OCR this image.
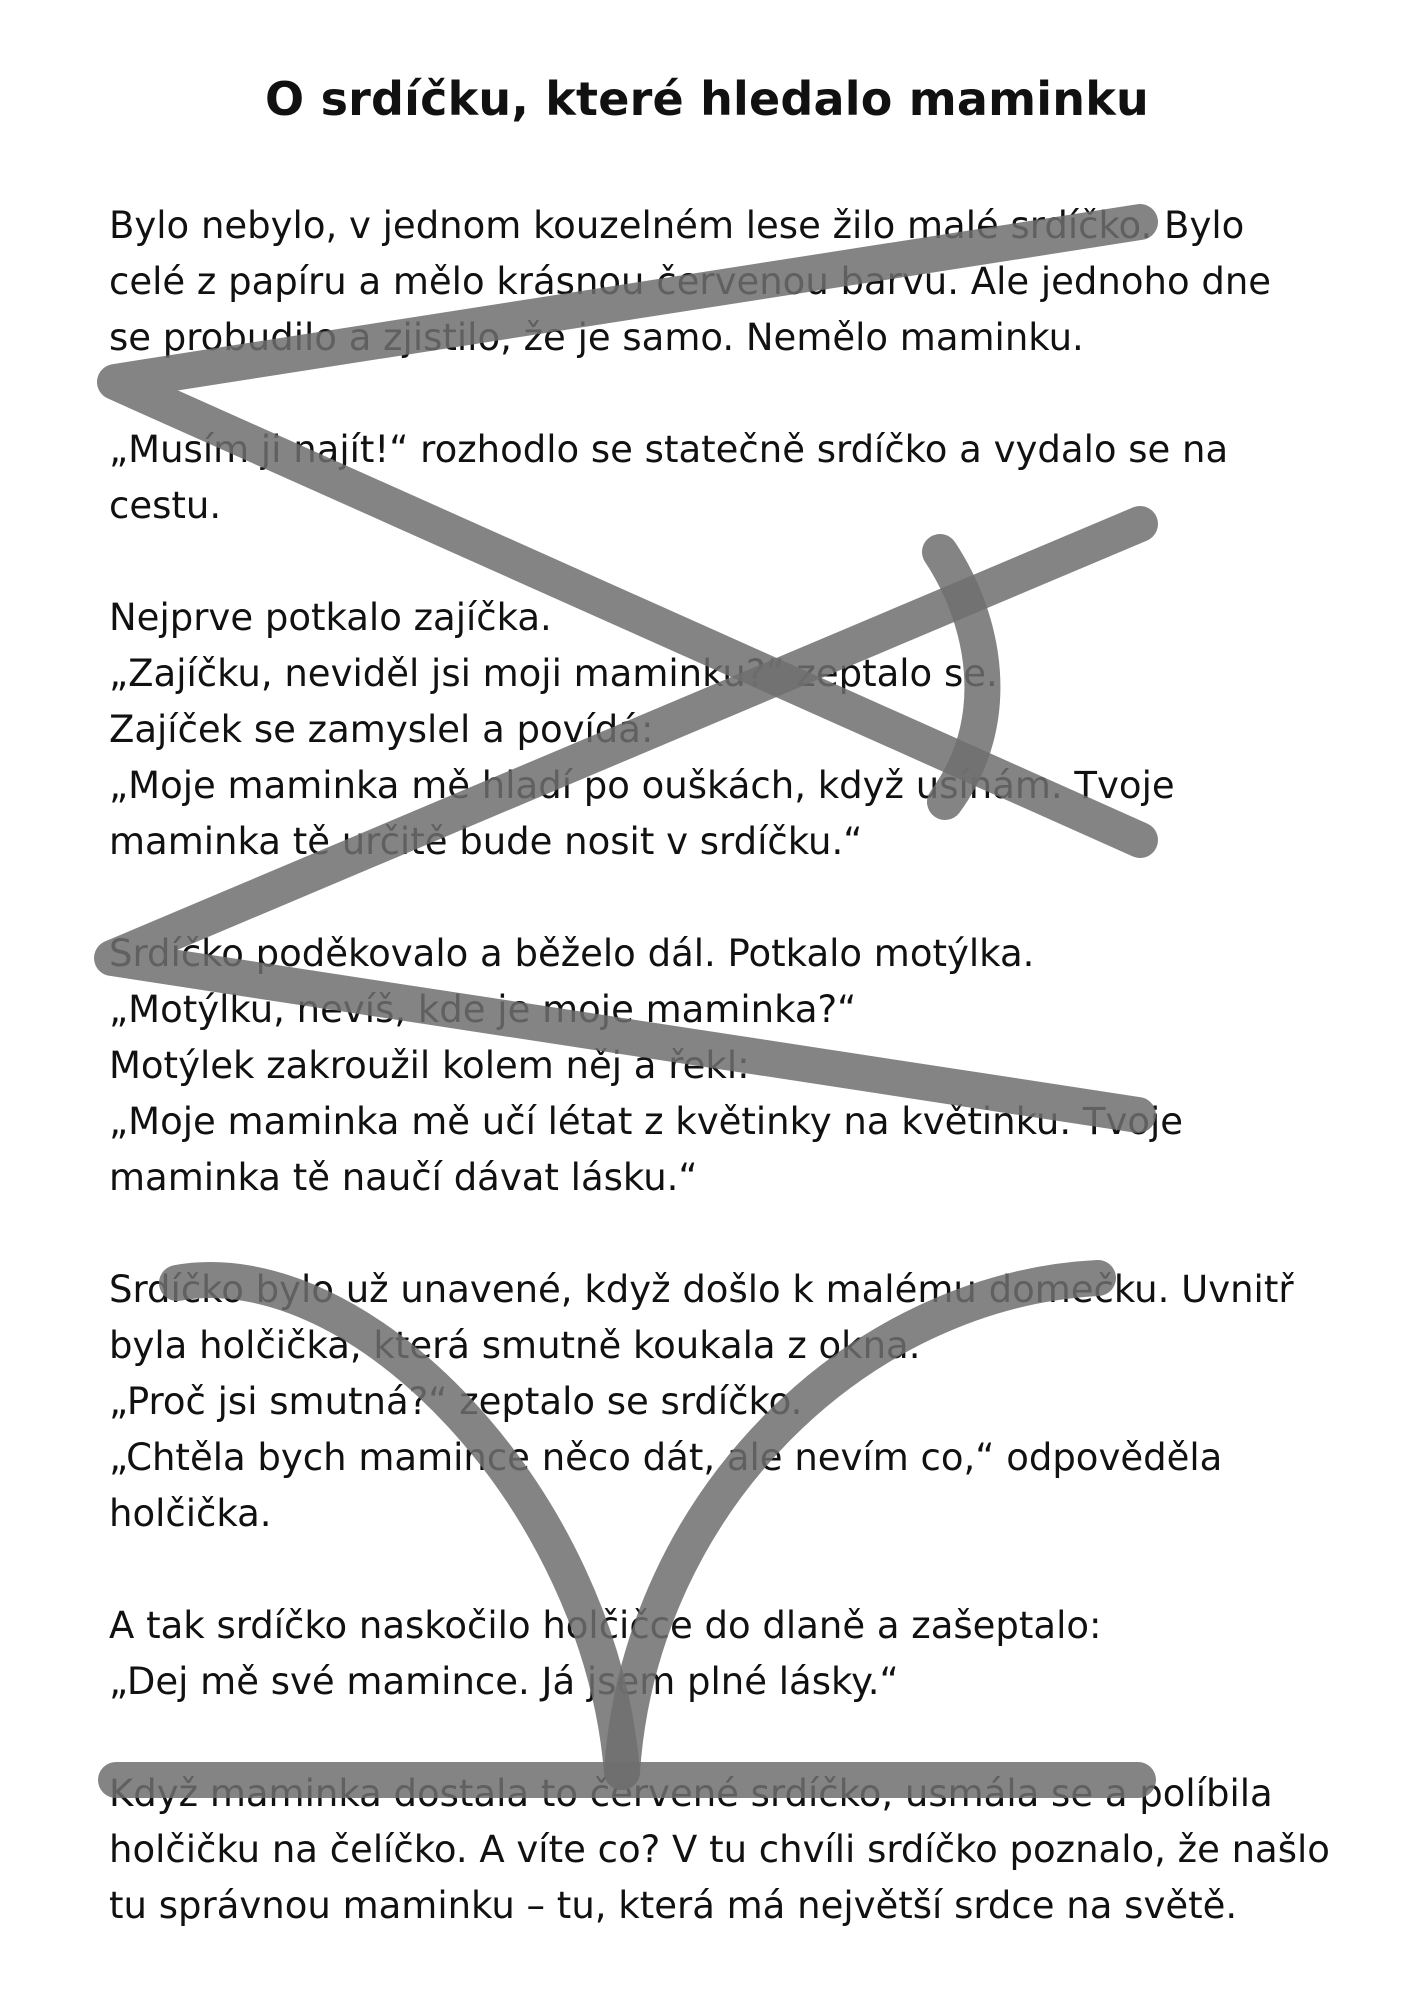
O srdíčku, které hledalo maminku

Bylo nebylo, v jednom kouzelném lese žilo malé srdíčko. Bylo
celé z papíru a mělo krásnou červenou barvu. Ale jednoho dne
se probudilo a zjistilo, že je samo. Nemělo maminku.

„Musím ji najít!“ rozhodlo se statečně srdíčko a vydalo se na
cestu.

Nejprve potkalo zajíčka.
„Zajíčku, neviděl jsi moji maminku?“ zeptalo se.
Zajíček se zamyslel a povídá:
„Moje maminka mě hladí po ouškách, když usínám. Tvoje
maminka tě určitě bude nosit v srdíčku.“

Srdíčko poděkovalo a běželo dál. Potkalo motýlka.
„Motýlku, nevíš, kde je moje maminka?“
Motýlek zakroužil kolem něj a řekl:
„Moje maminka mě učí létat z květinky na květinku. Tvoje
maminka tě naučí dávat lásku.“

Srdíčko bylo už unavené, když došlo k malému domečku. Uvnitř
byla holčička, která smutně koukala z okna.
„Proč jsi smutná?“ zeptalo se srdíčko.
„Chtěla bych mamince něco dát, ale nevím co,“ odpověděla
holčička.

A tak srdíčko naskočilo holčičce do dlaně a zašeptalo:
„Dej mě své mamince. Já jsem plné lásky.“

Když maminka dostala to červené srdíčko, usmála se a políbila
holčičku na čelíčko. A víte co? V tu chvíli srdíčko poznalo, že našlo
tu správnou maminku – tu, která má největší srdce na světě.
